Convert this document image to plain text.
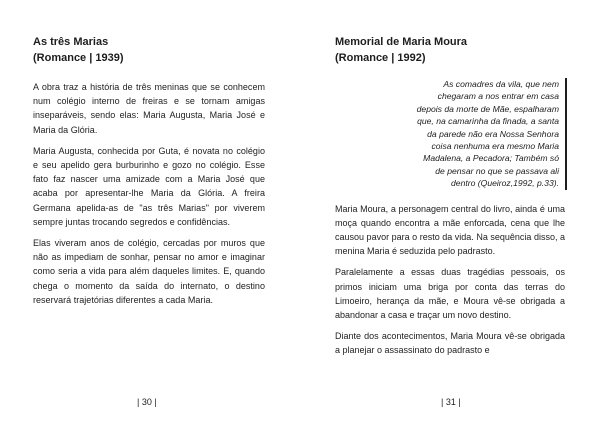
As três Marias
(Romance | 1939)

A obra traz a história de três meninas que se conhecem num colégio interno de freiras e se tornam amigas inseparáveis, sendo elas: Maria Augusta, Maria José e Maria da Glória.

Maria Augusta, conhecida por Guta, é novata no colégio e seu apelido gera burburinho e gozo no colégio. Esse fato faz nascer uma amizade com a Maria José que acaba por apresentar-lhe Maria da Glória. A freira Germana apelida-as de "as três Marias" por viverem sempre juntas trocando segredos e confidências.

Elas viveram anos de colégio, cercadas por muros que não as impediam de sonhar, pensar no amor e imaginar como seria a vida para além daqueles limites. E, quando chega o momento da saída do internato, o destino reservará trajetórias diferentes a cada Maria.

Memorial de Maria Moura
(Romance | 1992)
As comadres da vila, que nem chegaram a nos entrar em casa depois da morte de Mãe, espalharam que, na camarinha da finada, a santa da parede não era Nossa Senhora coisa nenhuma era mesmo Maria Madalena, a Pecadora; Também só de pensar no que se passava ali dentro (Queiroz,1992, p.33).

Maria Moura, a personagem central do livro, ainda é uma moça quando encontra a mãe enforcada, cena que lhe causou pavor para o resto da vida. Na sequência disso, a menina Maria é seduzida pelo padrasto.

Paralelamente a essas duas tragédias pessoais, os primos iniciam uma briga por conta das terras do Limoeiro, herança da mãe, e Moura vê-se obrigada a abandonar a casa e traçar um novo destino.

Diante dos acontecimentos, Maria Moura vê-se obrigada a planejar o assassinato do padrasto e

| 30 |	| 31 |
